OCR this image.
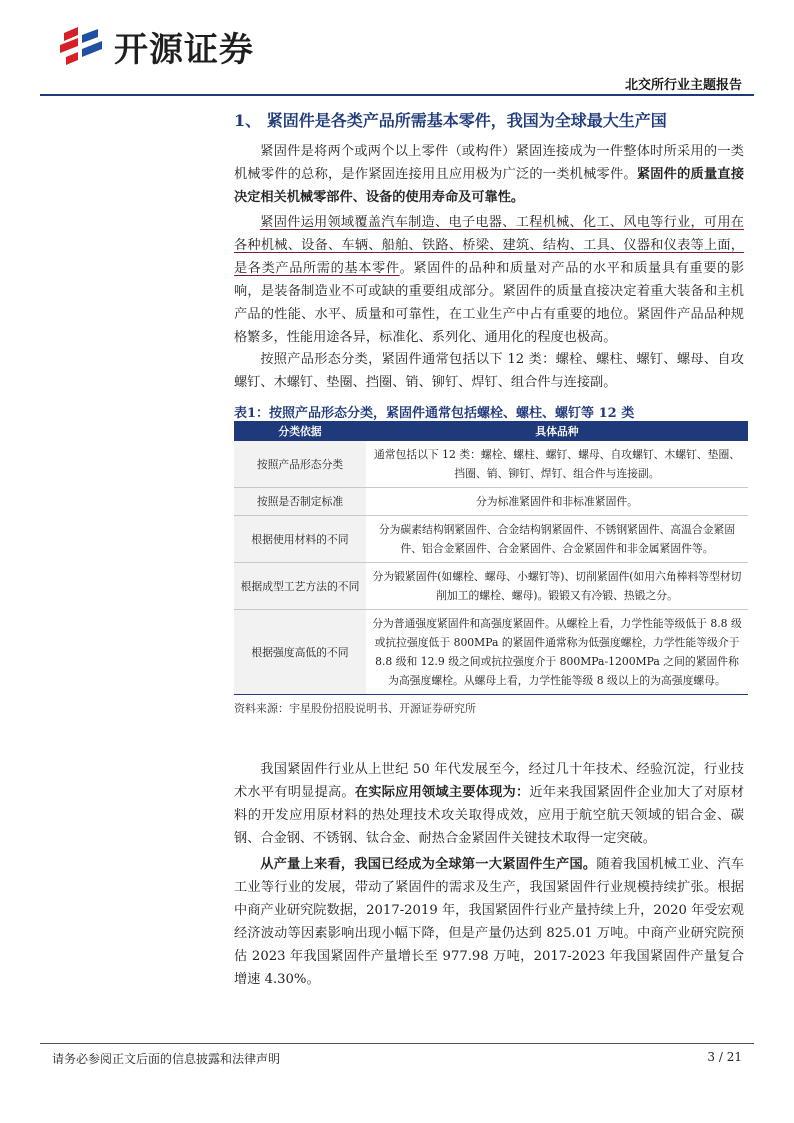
开源证券
北交所行业主题报告
1、 紧固件是各类产品所需基本零件，我国为全球最大生产国

紧固件是将两个或两个以上零件（或构件）紧固连接成为一件整体时所采用的一类机械零件的总称，是作紧固连接用且应用极为广泛的一类机械零件。紧固件的质量直接决定相关机械零部件、设备的使用寿命及可靠性。

紧固件运用领域覆盖汽车制造、电子电器、工程机械、化工、风电等行业，可用在各种机械、设备、车辆、船舶、铁路、桥梁、建筑、结构、工具、仪器和仪表等上面，是各类产品所需的基本零件。紧固件的品种和质量对产品的水平和质量具有重要的影响，是装备制造业不可或缺的重要组成部分。紧固件的质量直接决定着重大装备和主机产品的性能、水平、质量和可靠性，在工业生产中占有重要的地位。紧固件产品品种规格繁多，性能用途各异，标准化、系列化、通用化的程度也极高。

按照产品形态分类，紧固件通常包括以下 12 类：螺栓、螺柱、螺钉、螺母、自攻螺钉、木螺钉、垫圈、挡圈、销、铆钉、焊钉、组合件与连接副。

表1：按照产品形态分类，紧固件通常包括螺栓、螺柱、螺钉等 12 类
分类依据	具体品种
按照产品形态分类	通常包括以下 12 类：螺栓、螺柱、螺钉、螺母、自攻螺钉、木螺钉、垫圈、挡圈、销、铆钉、焊钉、组合件与连接副。
按照是否制定标准	分为标准紧固件和非标准紧固件。
根据使用材料的不同	分为碳素结构钢紧固件、合金结构钢紧固件、不锈钢紧固件、高温合金紧固件、铝合金紧固件、合金紧固件、合金紧固件和非金属紧固件等。
根据成型工艺方法的不同	分为锻紧固件(如螺栓、螺母、小螺钉等)、切削紧固件(如用六角棒料等型材切削加工的螺栓、螺母)。锻锻又有冷锻、热锻之分。
根据强度高低的不同	分为普通强度紧固件和高强度紧固件。从螺栓上看，力学性能等级低于 8.8 级或抗拉强度低于 800MPa 的紧固件通常称为低强度螺栓，力学性能等级介于 8.8 级和 12.9 级之间或抗拉强度介于 800MPa-1200MPa 之间的紧固件称为高强度螺栓。从螺母上看，力学性能等级 8 级以上的为高强度螺母。
资料来源：宇星股份招股说明书、开源证券研究所

我国紧固件行业从上世纪 50 年代发展至今，经过几十年技术、经验沉淀，行业技术水平有明显提高。在实际应用领域主要体现为：近年来我国紧固件企业加大了对原材料的开发应用原材料的热处理技术攻关取得成效，应用于航空航天领域的铝合金、碳钢、合金钢、不锈钢、钛合金、耐热合金紧固件关键技术取得一定突破。

从产量上来看，我国已经成为全球第一大紧固件生产国。随着我国机械工业、汽车工业等行业的发展，带动了紧固件的需求及生产，我国紧固件行业规模持续扩张。根据中商产业研究院数据，2017-2019 年，我国紧固件行业产量持续上升，2020 年受宏观经济波动等因素影响出现小幅下降，但是产量仍达到 825.01 万吨。中商产业研究院预估 2023 年我国紧固件产量增长至 977.98 万吨，2017-2023 年我国紧固件产量复合增速 4.30%。

请务必参阅正文后面的信息披露和法律声明	3 / 21
